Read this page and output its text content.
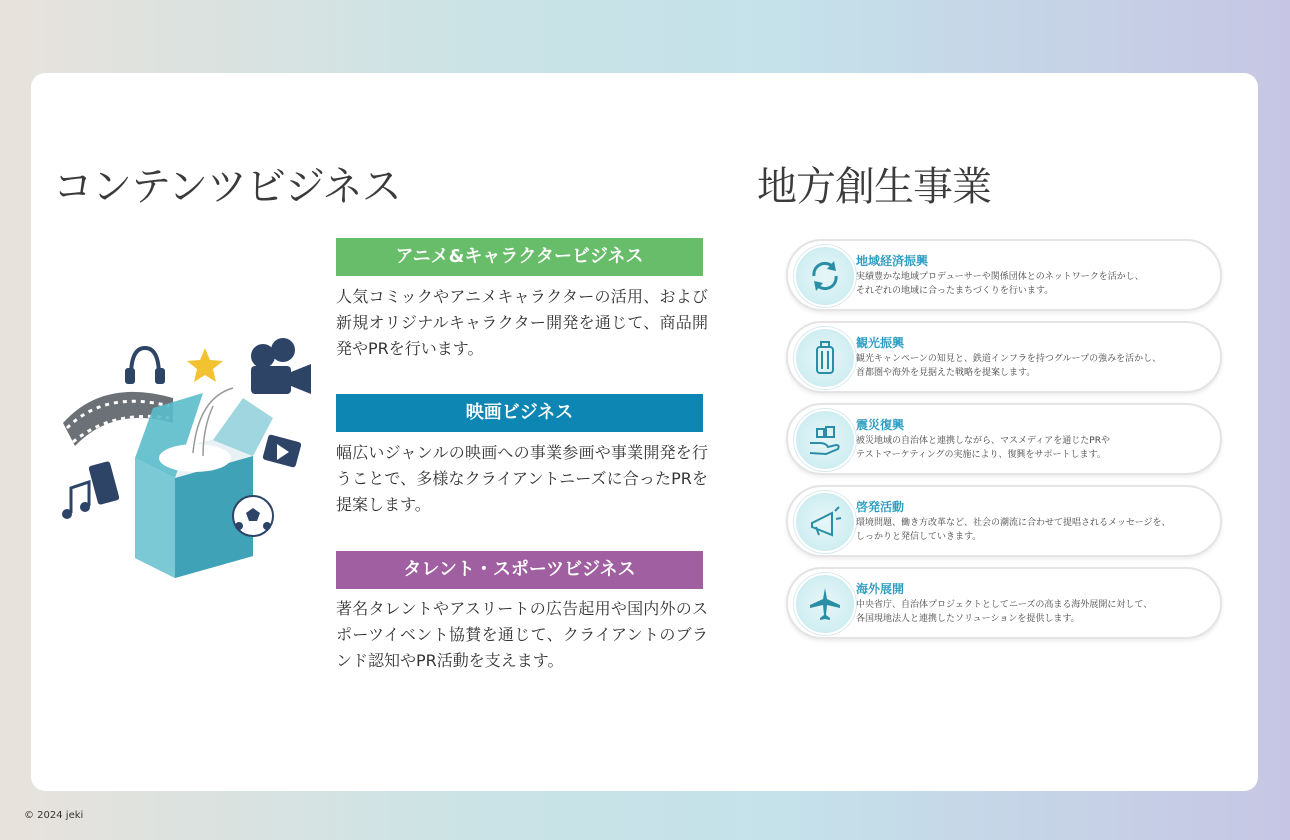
コンテンツビジネス
アニメ&キャラクタービジネス
人気コミックやアニメキャラクターの活用、および新規オリジナルキャラクター開発を通じて、商品開発やPRを行います。
映画ビジネス
幅広いジャンルの映画への事業参画や事業開発を行うことで、多様なクライアントニーズに合ったPRを提案します。
タレント・スポーツビジネス
著名タレントやアスリートの広告起用や国内外のスポーツイベント協賛を通じて、クライアントのブランド認知やPR活動を支えます。
地方創生事業
地域経済振興
実績豊かな地域プロデューサーや関係団体とのネットワークを活かし、
それぞれの地域に合ったまちづくりを行います。
観光振興
観光キャンペーンの知見と、鉄道インフラを持つグループの強みを活かし、
首都圏や海外を見据えた戦略を提案します。
震災復興
被災地域の自治体と連携しながら、マスメディアを通じたPRや
テストマーケティングの実施により、復興をサポートします。
啓発活動
環境問題、働き方改革など、社会の潮流に合わせて提唱されるメッセージを、
しっかりと発信していきます。
海外展開
中央省庁、自治体プロジェクトとしてニーズの高まる海外展開に対して、
各国現地法人と連携したソリューションを提供します。
© 2024 jeki
